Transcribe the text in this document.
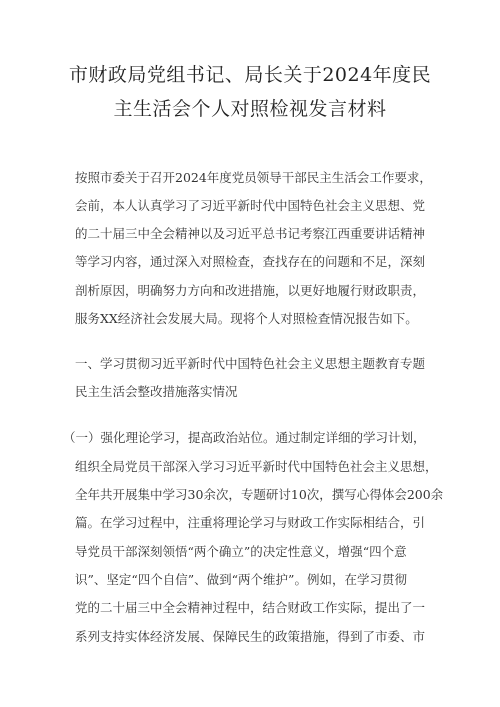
市财政局党组书记、局长关于2024年度民
主生活会个人对照检视发言材料
按照市委关于召开2024年度党员领导干部民主生活会工作要求，
会前，本人认真学习了习近平新时代中国特色社会主义思想、党
的二十届三中全会精神以及习近平总书记考察江西重要讲话精神
等学习内容，通过深入对照检查，查找存在的问题和不足，深刻
剖析原因，明确努力方向和改进措施，以更好地履行财政职责，
服务XX经济社会发展大局。现将个人对照检查情况报告如下。
一、学习贯彻习近平新时代中国特色社会主义思想主题教育专题
民主生活会整改措施落实情况
（一）强化理论学习，提高政治站位。通过制定详细的学习计划，
组织全局党员干部深入学习习近平新时代中国特色社会主义思想，
全年共开展集中学习30余次，专题研讨10次，撰写心得体会200余
篇。在学习过程中，注重将理论学习与财政工作实际相结合，引
导党员干部深刻领悟“两个确立”的决定性意义，增强“四个意
识”、坚定“四个自信”、做到“两个维护”。例如，在学习贯彻
党的二十届三中全会精神过程中，结合财政工作实际，提出了一
系列支持实体经济发展、保障民生的政策措施，得到了市委、市
